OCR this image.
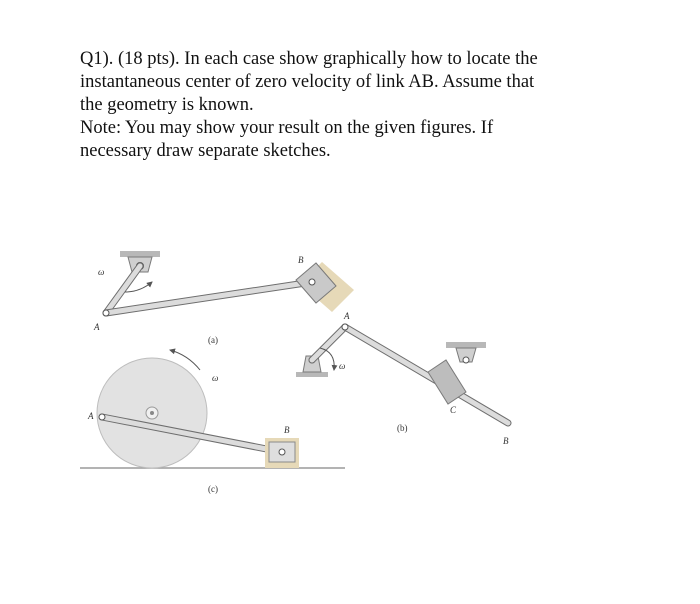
Q1). (18 pts). In each case show graphically how to locate the
instantaneous center of zero velocity of link AB. Assume that
the geometry is known.
Note: You may show your result on the given figures. If
necessary draw separate sketches.
ω
A
B
(a)
ω
A
B
C
(b)
ω
A
B
(c)
